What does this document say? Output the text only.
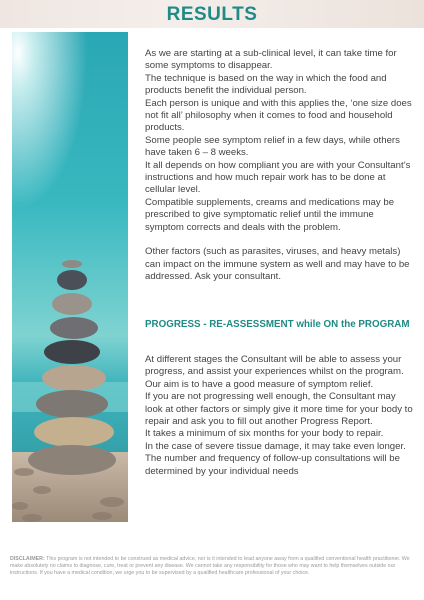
RESULTS

As we are starting at a sub-clinical level, it can take time for some symptoms to disappear.

The technique is based on the way in which the food and products benefit the individual person.

Each person is unique and with this applies the, ‘one size does not fit all’ philosophy when it comes to food and household products.

Some people see symptom relief in a few days, while others have taken 6 – 8 weeks.

It all depends on how compliant you are with your Consultant’s instructions and how much repair work has to be done at cellular level.

Compatible supplements, creams and medications may be prescribed to give symptomatic relief until the immune symptom corrects and deals with the problem.

Other factors (such as parasites, viruses, and heavy metals) can impact on the immune system as well and may have to be addressed. Ask your consultant.

PROGRESS - RE-ASSESSMENT while ON the PROGRAM

At different stages the Consultant will be able to assess your progress, and assist your experiences whilst on the program. Our aim is to have a good measure of symptom relief.

If you are not progressing well enough, the Consultant may look at other factors or simply give it more time for your body to repair and ask you to fill out another Progress Report.

It takes a minimum of six months for your body to repair.

In the case of severe tissue damage, it may take even longer.

The number and frequency of follow-up consultations will be determined by your individual needs

DISCLAIMER: This program is not intended to be construed as medical advice, nor is it intended to lead anyone away from a qualified conventional health practitioner. We make absolutely no claims to diagnose, cure, treat or prevent any disease. We cannot take any responsibility for those who may want to help themselves outside our instructions. If you have a medical condition, we urge you to be supervised by a qualified healthcare professional of your choice.
